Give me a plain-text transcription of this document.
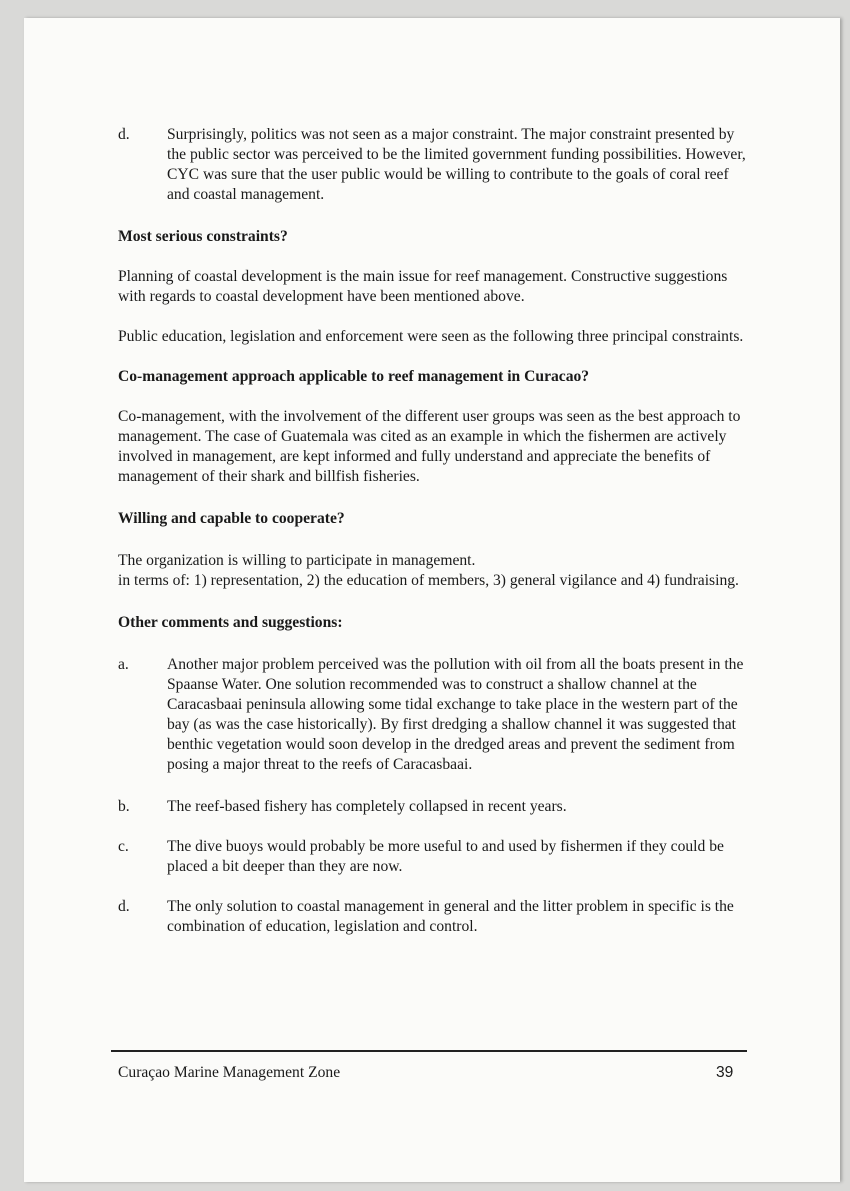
d. Surprisingly, politics was not seen as a major constraint. The major constraint presented by the public sector was perceived to be the limited government funding possibilities. However, CYC was sure that the user public would be willing to contribute to the goals of coral reef and coastal management.

Most serious constraints?

Planning of coastal development is the main issue for reef management. Constructive suggestions with regards to coastal development have been mentioned above.

Public education, legislation and enforcement were seen as the following three principal constraints.

Co-management approach applicable to reef management in Curacao?

Co-management, with the involvement of the different user groups was seen as the best approach to management. The case of Guatemala was cited as an example in which the fishermen are actively involved in management, are kept informed and fully understand and appreciate the benefits of management of their shark and billfish fisheries.

Willing and capable to cooperate?

The organization is willing to participate in management.

in terms of: 1) representation, 2) the education of members, 3) general vigilance and 4) fundraising.

Other comments and suggestions:

a. Another major problem perceived was the pollution with oil from all the boats present in the Spaanse Water. One solution recommended was to construct a shallow channel at the Caracasbaai peninsula allowing some tidal exchange to take place in the western part of the bay (as was the case historically). By first dredging a shallow channel it was suggested that benthic vegetation would soon develop in the dredged areas and prevent the sediment from posing a major threat to the reefs of Caracasbaai.
b. The reef-based fishery has completely collapsed in recent years.
c. The dive buoys would probably be more useful to and used by fishermen if they could be placed a bit deeper than they are now.
d. The only solution to coastal management in general and the litter problem in specific is the combination of education, legislation and control.
Curaçao Marine Management Zone	39
